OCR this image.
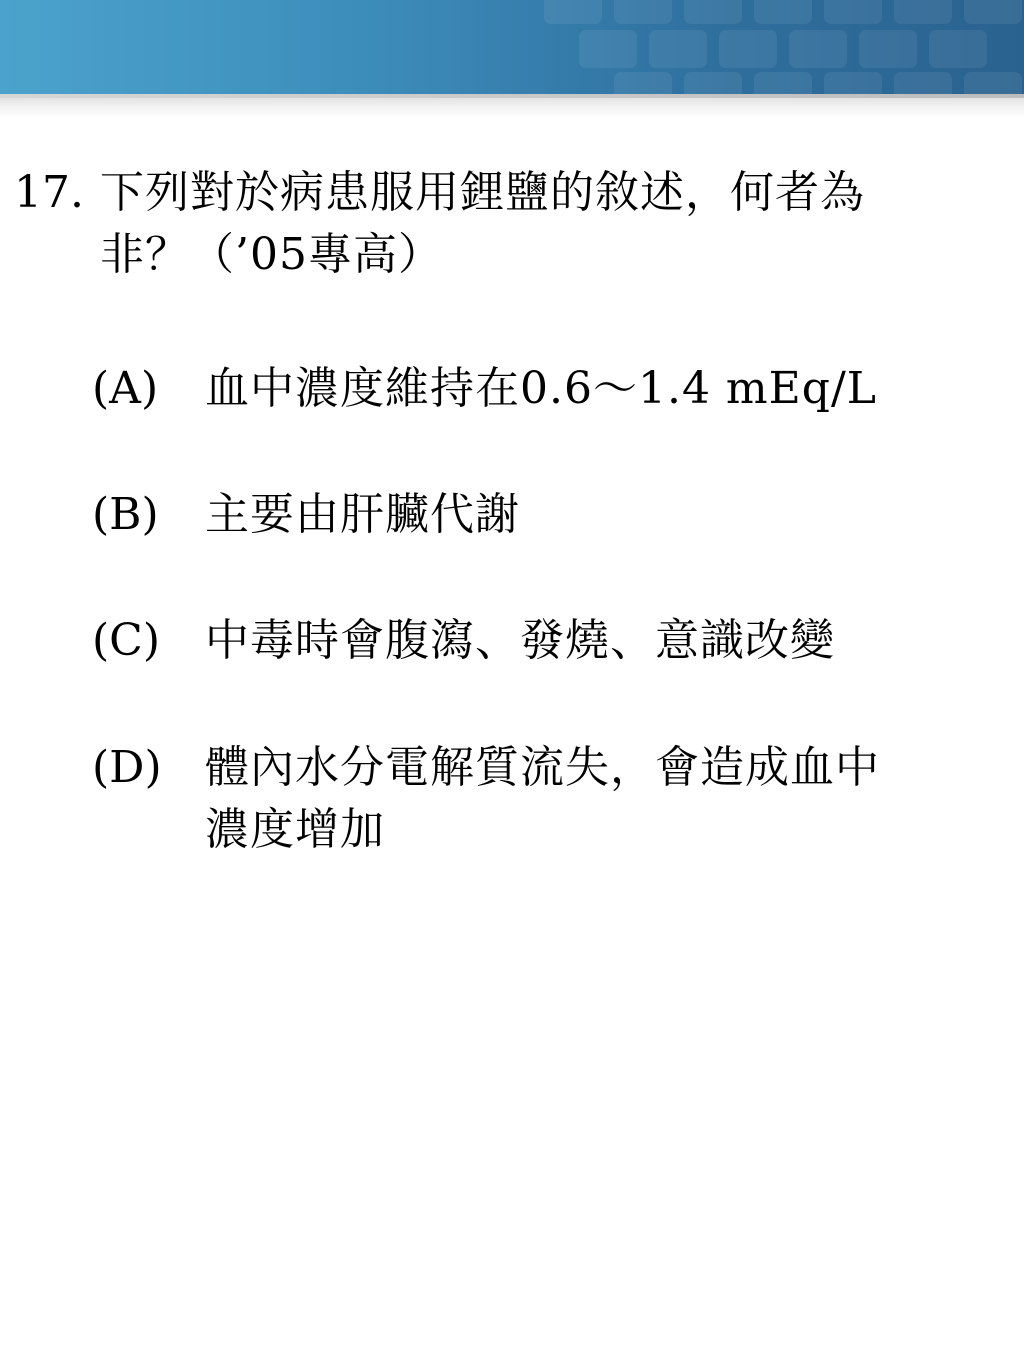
17. 下列對於病患服用鋰鹽的敘述，何者為
非？（’05專高）
(A) 血中濃度維持在0.6～1.4 mEq/L
(B) 主要由肝臟代謝
(C) 中毒時會腹瀉、發燒、意識改變
(D) 體內水分電解質流失，會造成血中
濃度增加
